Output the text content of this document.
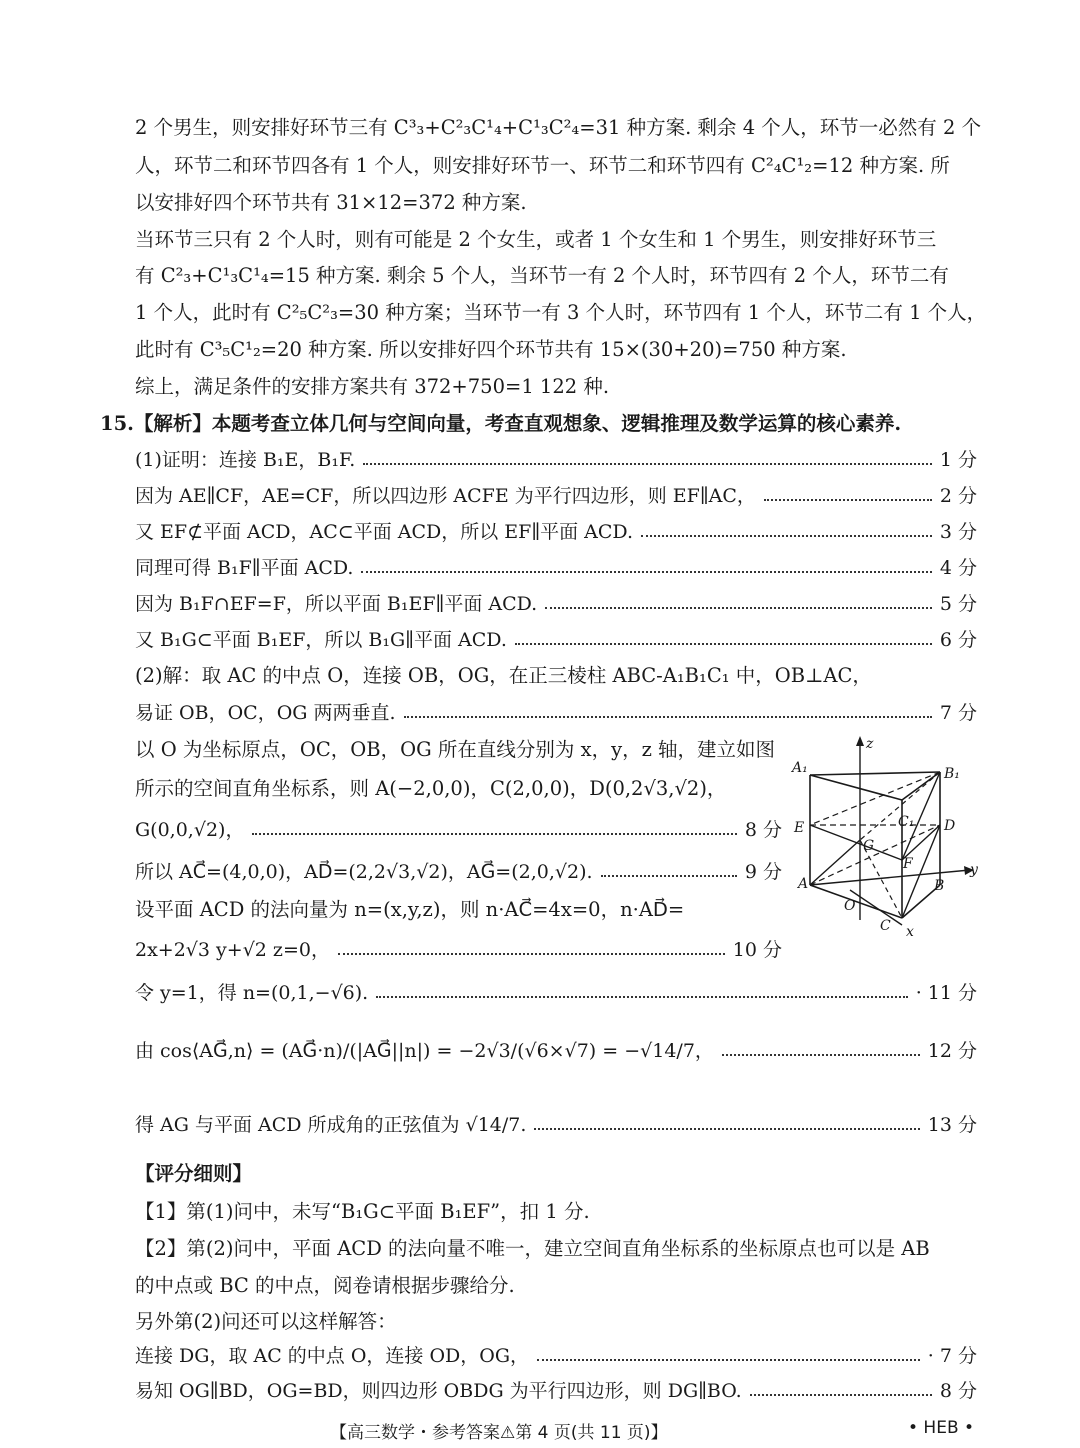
2 个男生，则安排好环节三有 C³₃+C²₃C¹₄+C¹₃C²₄=31 种方案. 剩余 4 个人，环节一必然有 2 个
人，环节二和环节四各有 1 个人，则安排好环节一、环节二和环节四有 C²₄C¹₂=12 种方案. 所
以安排好四个环节共有 31×12=372 种方案.
当环节三只有 2 个人时，则有可能是 2 个女生，或者 1 个女生和 1 个男生，则安排好环节三
有 C²₃+C¹₃C¹₄=15 种方案. 剩余 5 个人，当环节一有 2 个人时，环节四有 2 个人，环节二有
1 个人，此时有 C²₅C²₃=30 种方案；当环节一有 3 个人时，环节四有 1 个人，环节二有 1 个人，
此时有 C³₅C¹₂=20 种方案. 所以安排好四个环节共有 15×(30+20)=750 种方案.
综上，满足条件的安排方案共有 372+750=1 122 种.
15.【解析】本题考查立体几何与空间向量，考查直观想象、逻辑推理及数学运算的核心素养.
(1)证明：连接 B₁E，B₁F.	1 分
因为 AE∥CF，AE=CF，所以四边形 ACFE 为平行四边形，则 EF∥AC，	2 分
又 EF⊄平面 ACD，AC⊂平面 ACD，所以 EF∥平面 ACD.	3 分
同理可得 B₁F∥平面 ACD.	4 分
因为 B₁F∩EF=F，所以平面 B₁EF∥平面 ACD.	5 分
又 B₁G⊂平面 B₁EF，所以 B₁G∥平面 ACD.	6 分
(2)解：取 AC 的中点 O，连接 OB，OG，在正三棱柱 ABC-A₁B₁C₁ 中，OB⊥AC，
易证 OB，OC，OG 两两垂直.	7 分
以 O 为坐标原点，OC，OB，OG 所在直线分别为 x，y，z 轴，建立如图
所示的空间直角坐标系，则 A(−2,0,0)，C(2,0,0)，D(0,2√3,√2)，
G(0,0,√2)，	8 分
所以 AC⃗=(4,0,0)，AD⃗=(2,2√3,√2)，AG⃗=(2,0,√2).	9 分
设平面 ACD 的法向量为 n=(x,y,z)，则 n·AC⃗=4x=0，n·AD⃗=
2x+2√3 y+√2 z=0，	10 分
令 y=1，得 n=(0,1,−√6).	· 11 分
由 cos⟨AG⃗,n⟩ = (AG⃗·n)/(|AG⃗||n|) = −2√3/(√6×√7) = −√14/7，	12 分
得 AG 与平面 ACD 所成角的正弦值为 √14/7.	13 分
【评分细则】
【1】第(1)问中，未写“B₁G⊂平面 B₁EF”，扣 1 分.
【2】第(2)问中，平面 ACD 的法向量不唯一，建立空间直角坐标系的坐标原点也可以是 AB
的中点或 BC 的中点，阅卷请根据步骤给分.
另外第(2)问还可以这样解答：
连接 DG，取 AC 的中点 O，连接 OD，OG，	· 7 分
易知 OG∥BD，OG=BD，则四边形 OBDG 为平行四边形，则 DG∥BO.	8 分
A₁	B₁
C₁
z
E	D
G
F
A	B
y
O
C x
【高三数学・参考答案⚠第 4 页(共 11 页)】	• HEB •
